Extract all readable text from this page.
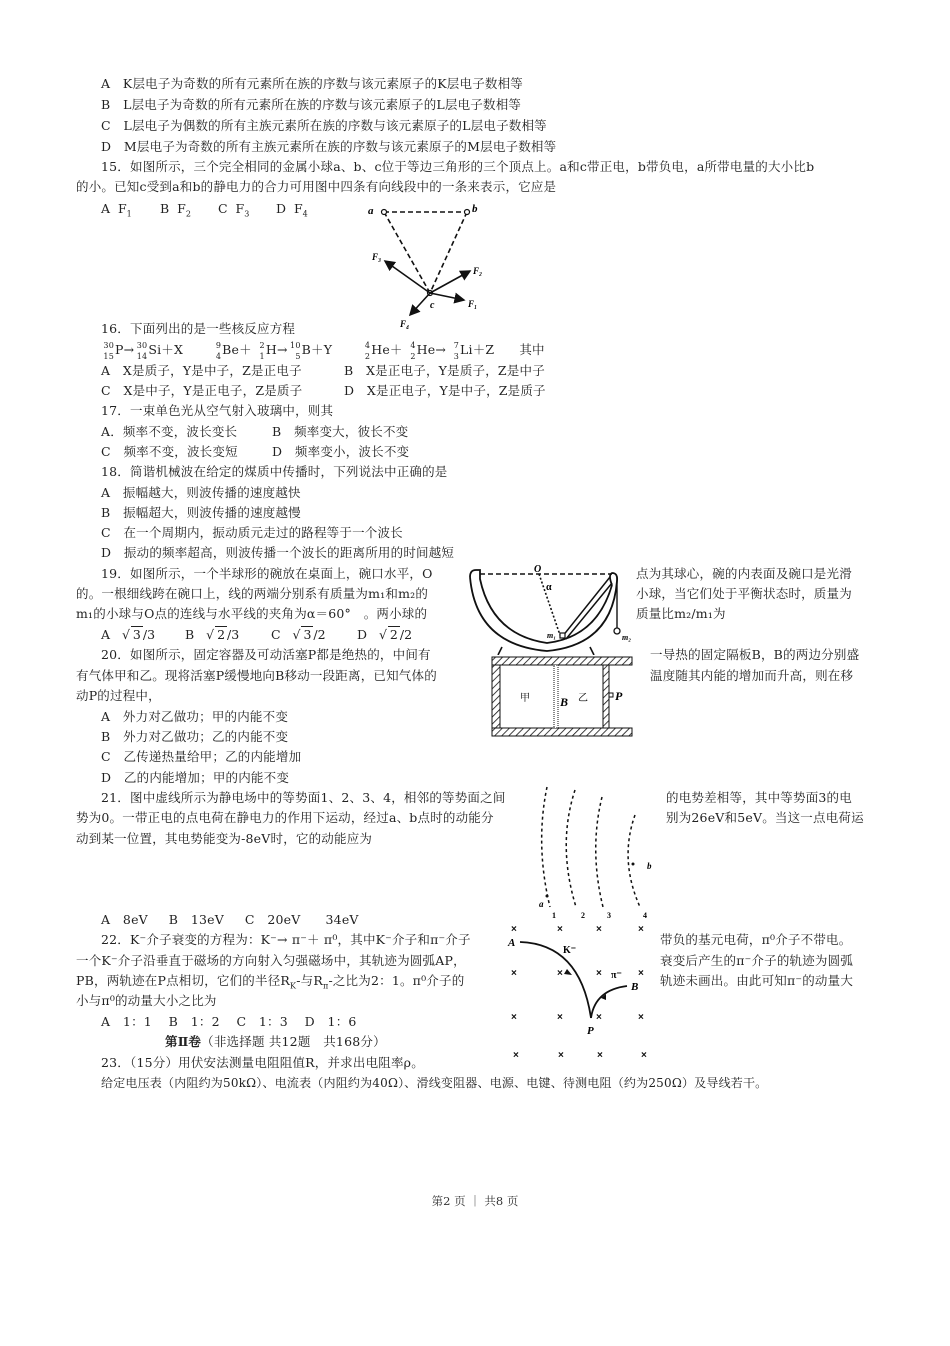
A　K层电子为奇数的所有元素所在族的序数与该元素原子的K层电子数相等
B　L层电子为奇数的所有元素所在族的序数与该元素原子的L层电子数相等
C　L层电子为偶数的所有主族元素所在族的序数与该元素原子的L层电子数相等
D　M层电子为奇数的所有主族元素所在族的序数与该元素原子的M层电子数相等
15．如图所示，三个完全相同的金属小球a、b、c位于等边三角形的三个顶点上。a和c带正电，b带负电，a所带电量的大小比b
的小。已知c受到a和b的静电力的合力可用图中四条有向线段中的一条来表示，它应是
A $F_1$ B $F_2$ C $F_3$ D $F_4$	a	b
c
F₃
F₂
F₁
F₄
16．下面列出的是一些核反应方程
30
15 P→ 30
14 Si＋X	9
4 Be＋ 2
1 H→ 10
5 B＋Y	4
2 He＋ 4
2 He→ 7
3 Li＋Z 其中
A　X是质子，Y是中子，Z是正电子	B　X是正电子，Y是质子，Z是中子
C　X是中子，Y是正电子，Z是质子	D　X是正电子，Y是中子，Z是质子
17．一束单色光从空气射入玻璃中，则其
A．频率不变，波长变长	B　频率变大，彼长不变
C　频率不变，波长变短	D　频率变小，波长不变
18．简谐机械波在给定的煤质中传播时，下列说法中正确的是
A　振幅越大，则波传播的速度越快
B　振幅超大，则波传播的速度越慢
C　在一个周期内，振动质元走过的路程等于一个波长
D　振动的频率超高，则波传播一个波长的距离所用的时间越短
19．如图所示，一个半球形的碗放在桌面上，碗口水平，O	点为其球心，碗的内表面及碗口是光滑
的。一根细线跨在碗口上，线的两端分别系有质量为m₁和m₂的	小球，当它们处于平衡状态时，质量为
m₁的小球与O点的连线与水平线的夹角为α＝60°　。两小球的	质量比m₂/m₁为
A   √ 3 /3 B   √ 2 /3	C   √ 3 /2	D   √ 2 /2
O
α
m₁	m₂
20．如图所示，固定容器及可动活塞P都是绝热的，中间有	一导热的固定隔板B，B的两边分别盛
有气体甲和乙。现将活塞P缓慢地向B移动一段距离，已知气体的	温度随其内能的增加而升高，则在移
动P的过程中，
A　外力对乙做功；甲的内能不变
B　外力对乙做功；乙的内能不变
C　乙传递热量给甲；乙的内能增加
D　乙的内能增加；甲的内能不变
甲	B 乙 P
21．图中虚线所示为静电场中的等势面1、2、3、4，相邻的等势面之间	的电势差相等，其中等势面3的电
势为0。一带正电的点电荷在静电力的作用下运动，经过a、b点时的动能分	别为26eV和5eV。当这一点电荷运
动到某一位置，其电势能变为-8eV时，它的动能应为
a
b
1	2	3	4
A　8eV B　13eV C　20eV 34eV
22．K⁻介子衰变的方程为：K⁻→ π⁻＋ π⁰，其中K⁻介子和π⁻介子	带负的基元电荷，π⁰介子不带电。
一个K⁻介子沿垂直于磁场的方向射入匀强磁场中，其轨迹为圆弧AP，	衰变后产生的π⁻介子的轨迹为圆弧
PB，两轨迹在P点相切，它们的半径$R_K-$与$R_\pi-$之比为2：1。π⁰介子的	轨迹未画出。由此可知π⁻的动量大
小与π⁰的动量大小之比为
A　1：1 B　1：2 C　1：3 D　1：6
×	×	×	×
×	×	×	×
×	×	×	×
×	×	×	×
A
K⁻
π⁻
B
P
第Ⅱ卷（非选择题 共12题　共168分）
23．（15分）用伏安法测量电阻阻值R，并求出电阻率ρ。
给定电压表（内阻约为50kΩ）、电流表（内阻约为40Ω）、滑线变阻器、电源、电键、待测电阻（约为250Ω）及导线若干。
第2 页 ｜ 共8 页
